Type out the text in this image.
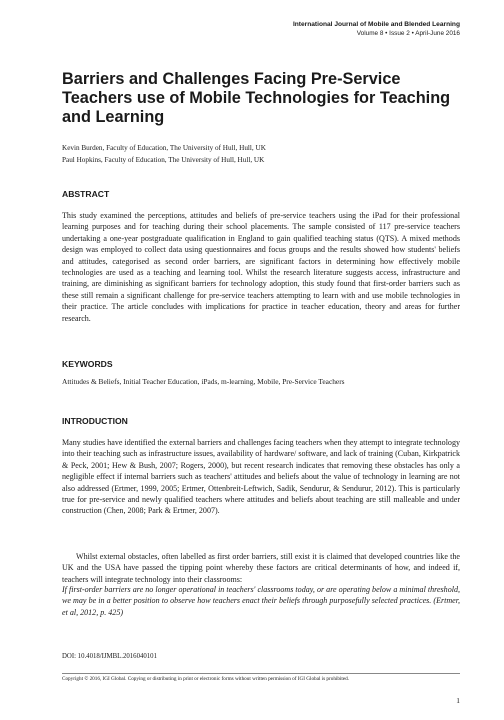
International Journal of Mobile and Blended Learning
Volume 8 • Issue 2 • April-June 2016
Barriers and Challenges Facing Pre-Service Teachers use of Mobile Technologies for Teaching and Learning
Kevin Burden, Faculty of Education, The University of Hull, Hull, UK
Paul Hopkins, Faculty of Education, The University of Hull, Hull, UK
ABSTRACT

This study examined the perceptions, attitudes and beliefs of pre-service teachers using the iPad for their professional learning purposes and for teaching during their school placements. The sample consisted of 117 pre-service teachers undertaking a one-year postgraduate qualification in England to gain qualified teaching status (QTS). A mixed methods design was employed to collect data using questionnaires and focus groups and the results showed how students' beliefs and attitudes, categorised as second order barriers, are significant factors in determining how effectively mobile technologies are used as a teaching and learning tool. Whilst the research literature suggests access, infrastructure and training, are diminishing as significant barriers for technology adoption, this study found that first-order barriers such as these still remain a significant challenge for pre-service teachers attempting to learn with and use mobile technologies in their practice. The article concludes with implications for practice in teacher education, theory and areas for further research.

KEYWORDS
Attitudes & Beliefs, Initial Teacher Education, iPads, m-learning, Mobile, Pre-Service Teachers
INTRODUCTION

Many studies have identified the external barriers and challenges facing teachers when they attempt to integrate technology into their teaching such as infrastructure issues, availability of hardware/ software, and lack of training (Cuban, Kirkpatrick & Peck, 2001; Hew & Bush, 2007; Rogers, 2000), but recent research indicates that removing these obstacles has only a negligible effect if internal barriers such as teachers' attitudes and beliefs about the value of technology in learning are not also addressed (Ertmer, 1999, 2005; Ertmer, Ottenbreit-Leftwich, Sadik, Sendurur, & Sendurur, 2012). This is particularly true for pre-service and newly qualified teachers where attitudes and beliefs about teaching are still malleable and under construction (Chen, 2008; Park & Ertmer, 2007).

Whilst external obstacles, often labelled as first order barriers, still exist it is claimed that developed countries like the UK and the USA have passed the tipping point whereby these factors are critical determinants of how, and indeed if, teachers will integrate technology into their classrooms:

If first-order barriers are no longer operational in teachers' classrooms today, or are operating below a minimal threshold, we may be in a better position to observe how teachers enact their beliefs through purposefully selected practices. (Ertmer, et al, 2012, p. 425)

DOI: 10.4018/IJMBL.2016040101
Copyright © 2016, IGI Global. Copying or distributing in print or electronic forms without written permission of IGI Global is prohibited.
1
